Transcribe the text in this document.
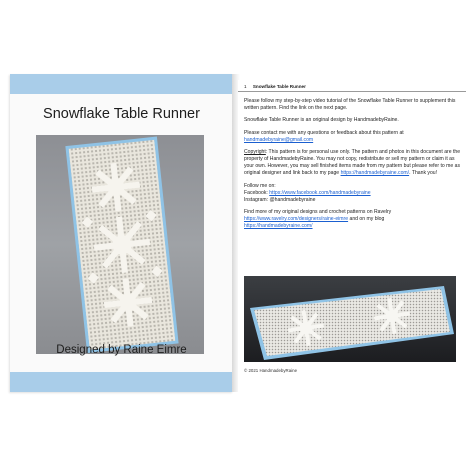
Snowflake Table Runner
Designed by Raine Eimre
1 Snowflake Table Runner

Please follow my step-by-step video tutorial of the Snowflake Table Runner to supplement this written pattern. Find the link on the next page.

Snowflake Table Runner is an original design by HandmadebyRaine.

Please contact me with any questions or feedback about this pattern at handmadebyraine@gmail.com

Copyright: This pattern is for personal use only. The pattern and photos in this document are the property of HandmadebyRaine. You may not copy, redistribute or sell my pattern or claim it as your own. However, you may sell finished items made from my pattern but please refer to me as original designer and link back to my page https://handmadebyraine.com/. Thank you!

Follow me on:
Facebook: https://www.facebook.com/handmadebyraine
Instagram: @handmadebyraine

Find more of my original designs and crochet patterns on Ravelry
https://www.ravelry.com/designers/raine-eimre and on my blog
https://handmadebyraine.com/

© 2021 HandmadebyRaine
